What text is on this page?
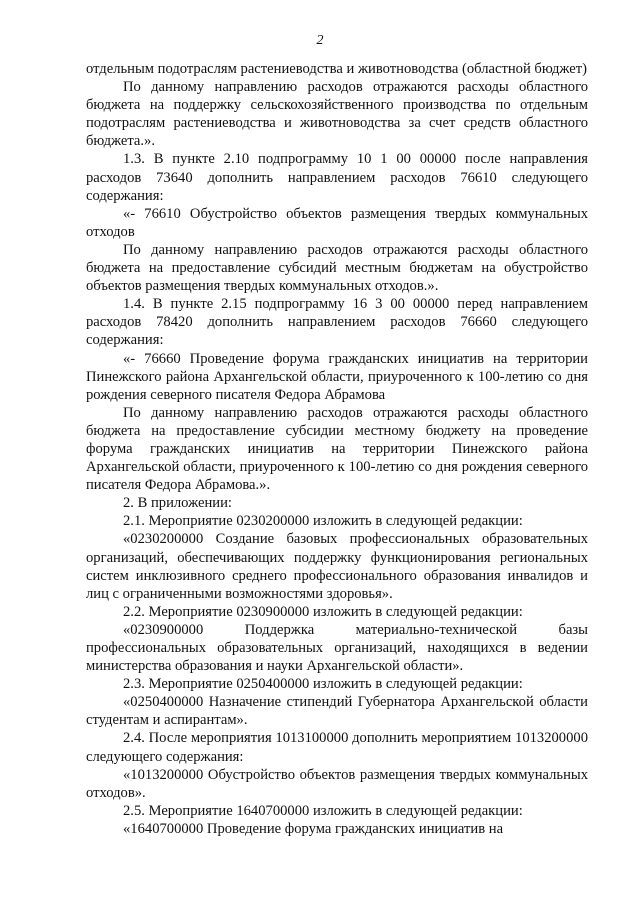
2

отдельным подотраслям растениеводства и животноводства (областной бюджет)

По данному направлению расходов отражаются расходы областного бюджета на поддержку сельскохозяйственного производства по отдельным подотраслям растениеводства и животноводства за счет средств областного бюджета.».

1.3. В пункте 2.10 подпрограмму 10 1 00 00000 после направления расходов 73640 дополнить направлением расходов 76610 следующего содержания:

«- 76610 Обустройство объектов размещения твердых коммунальных отходов

По данному направлению расходов отражаются расходы областного бюджета на предоставление субсидий местным бюджетам на обустройство объектов размещения твердых коммунальных отходов.».

1.4. В пункте 2.15 подпрограмму 16 3 00 00000 перед направлением расходов 78420 дополнить направлением расходов 76660 следующего содержания:

«- 76660 Проведение форума гражданских инициатив на территории Пинежского района Архангельской области, приуроченного к 100-летию со дня рождения северного писателя Федора Абрамова

По данному направлению расходов отражаются расходы областного бюджета на предоставление субсидии местному бюджету на проведение форума гражданских инициатив на территории Пинежского района Архангельской области, приуроченного к 100-летию со дня рождения северного писателя Федора Абрамова.».

2. В приложении:

2.1. Мероприятие 0230200000 изложить в следующей редакции:

«0230200000 Создание базовых профессиональных образовательных организаций, обеспечивающих поддержку функционирования региональных систем инклюзивного среднего профессионального образования инвалидов и лиц с ограниченными возможностями здоровья».

2.2. Мероприятие 0230900000 изложить в следующей редакции:

«0230900000 Поддержка материально-технической базы профессиональных образовательных организаций, находящихся в ведении министерства образования и науки Архангельской области».

2.3. Мероприятие 0250400000 изложить в следующей редакции:

«0250400000 Назначение стипендий Губернатора Архангельской области студентам и аспирантам».

2.4. После мероприятия 1013100000 дополнить мероприятием 1013200000 следующего содержания:

«1013200000 Обустройство объектов размещения твердых коммунальных отходов».

2.5. Мероприятие 1640700000 изложить в следующей редакции:

«1640700000 Проведение форума гражданских инициатив на
